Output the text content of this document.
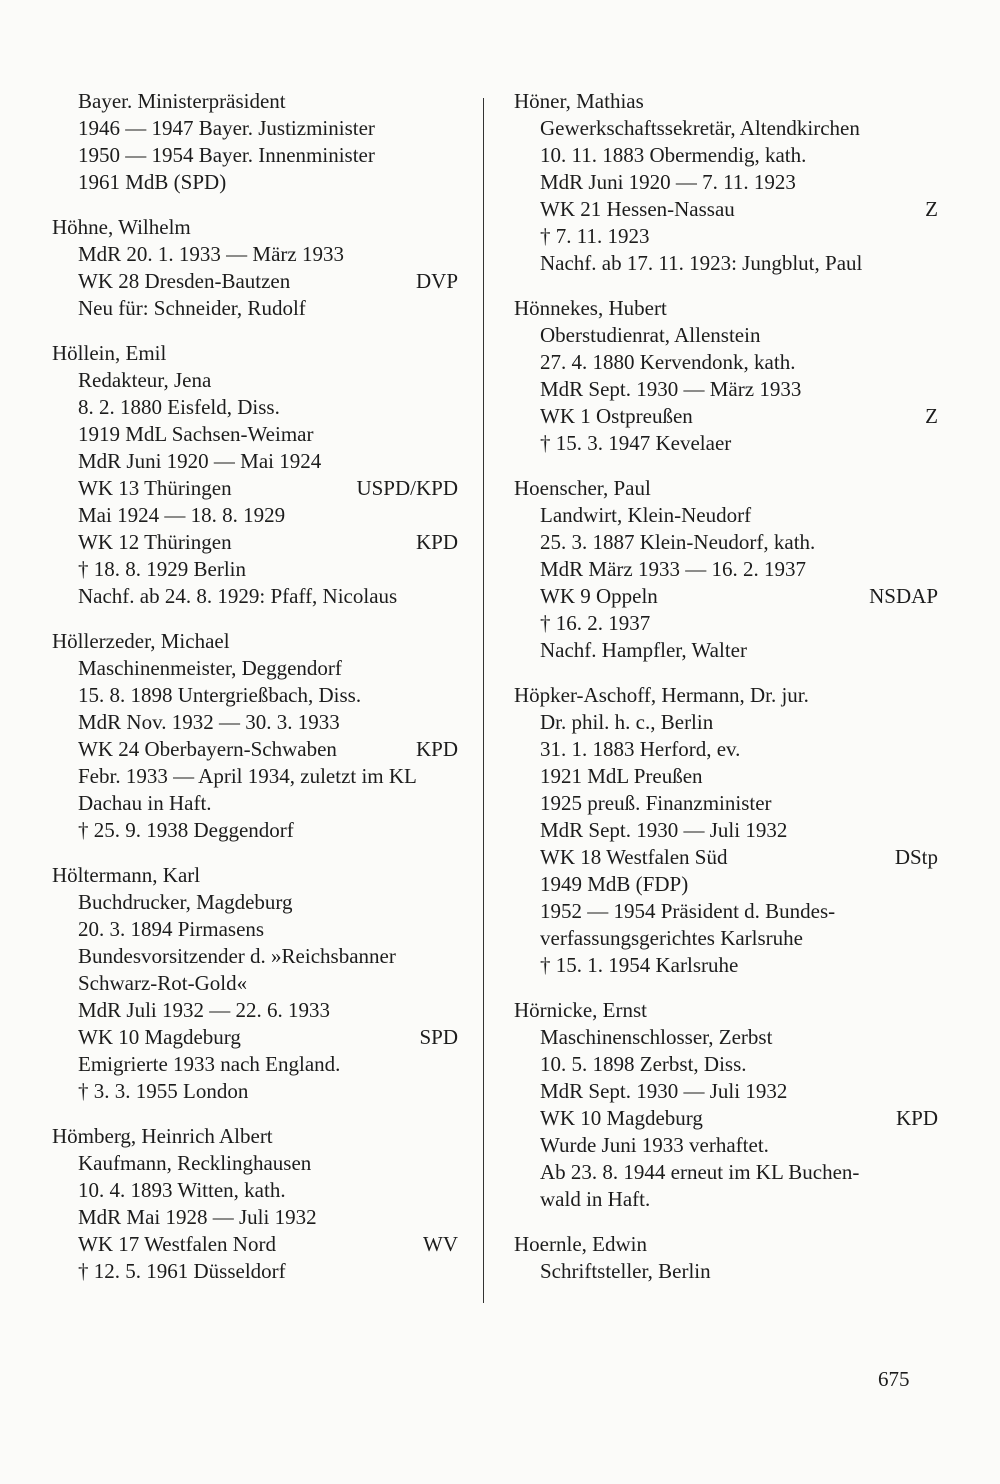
Bayer. Ministerpräsident
1946 — 1947 Bayer. Justizminister
1950 — 1954 Bayer. Innenminister
1961 MdB (SPD)
Höhne, Wilhelm
MdR 20. 1. 1933 — März 1933
WK 28 Dresden-Bautzen	DVP
Neu für: Schneider, Rudolf
Höllein, Emil
Redakteur, Jena
8. 2. 1880 Eisfeld, Diss.
1919 MdL Sachsen-Weimar
MdR Juni 1920 — Mai 1924
WK 13 Thüringen	USPD/KPD
Mai 1924 — 18. 8. 1929
WK 12 Thüringen	KPD
† 18. 8. 1929 Berlin
Nachf. ab 24. 8. 1929: Pfaff, Nicolaus
Höllerzeder, Michael
Maschinenmeister, Deggendorf
15. 8. 1898 Untergrießbach, Diss.
MdR Nov. 1932 — 30. 3. 1933
WK 24 Oberbayern-Schwaben	KPD
Febr. 1933 — April 1934, zuletzt im KL
Dachau in Haft.
† 25. 9. 1938 Deggendorf
Höltermann, Karl
Buchdrucker, Magdeburg
20. 3. 1894 Pirmasens
Bundesvorsitzender d. »Reichsbanner
Schwarz-Rot-Gold«
MdR Juli 1932 — 22. 6. 1933
WK 10 Magdeburg	SPD
Emigrierte 1933 nach England.
† 3. 3. 1955 London
Hömberg, Heinrich Albert
Kaufmann, Recklinghausen
10. 4. 1893 Witten, kath.
MdR Mai 1928 — Juli 1932
WK 17 Westfalen Nord	WV
† 12. 5. 1961 Düsseldorf
Höner, Mathias
Gewerkschaftssekretär, Altendkirchen
10. 11. 1883 Obermendig, kath.
MdR Juni 1920 — 7. 11. 1923
WK 21 Hessen-Nassau	Z
† 7. 11. 1923
Nachf. ab 17. 11. 1923: Jungblut, Paul
Hönnekes, Hubert
Oberstudienrat, Allenstein
27. 4. 1880 Kervendonk, kath.
MdR Sept. 1930 — März 1933
WK 1 Ostpreußen	Z
† 15. 3. 1947 Kevelaer
Hoenscher, Paul
Landwirt, Klein-Neudorf
25. 3. 1887 Klein-Neudorf, kath.
MdR März 1933 — 16. 2. 1937
WK 9 Oppeln	NSDAP
† 16. 2. 1937
Nachf. Hampfler, Walter
Höpker-Aschoff, Hermann, Dr. jur.
Dr. phil. h. c., Berlin
31. 1. 1883 Herford, ev.
1921 MdL Preußen
1925 preuß. Finanzminister
MdR Sept. 1930 — Juli 1932
WK 18 Westfalen Süd	DStp
1949 MdB (FDP)
1952 — 1954 Präsident d. Bundes-
verfassungsgerichtes Karlsruhe
† 15. 1. 1954 Karlsruhe
Hörnicke, Ernst
Maschinenschlosser, Zerbst
10. 5. 1898 Zerbst, Diss.
MdR Sept. 1930 — Juli 1932
WK 10 Magdeburg	KPD
Wurde Juni 1933 verhaftet.
Ab 23. 8. 1944 erneut im KL Buchen-
wald in Haft.
Hoernle, Edwin
Schriftsteller, Berlin
675
